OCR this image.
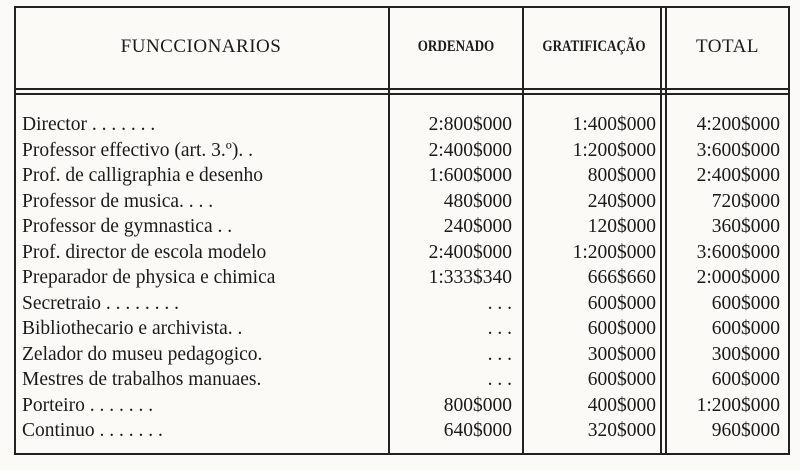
FUNCCIONARIOS	ORDENADO	GRATIFICAÇÃO	TOTAL
Director . . . . . . .	2:800$000	1:400$000	4:200$000
Professor effectivo (art. 3.º). .	2:400$000	1:200$000	3:600$000
Prof. de calligraphia e desenho	1:600$000	800$000	2:400$000
Professor de musica. . . .	480$000	240$000	720$000
Professor de gymnastica . .	240$000	120$000	360$000
Prof. director de escola modelo	2:400$000	1:200$000	3:600$000
Preparador de physica e chimica	1:333$340	666$660	2:000$000
Secretraio . . . . . . . .	. . .	600$000	600$000
Bibliothecario e archivista. .	. . .	600$000	600$000
Zelador do museu pedagogico.	. . .	300$000	300$000
Mestres de trabalhos manuaes.	. . .	600$000	600$000
Porteiro . . . . . . .	800$000	400$000	1:200$000
Continuo . . . . . . .	640$000	320$000	960$000
